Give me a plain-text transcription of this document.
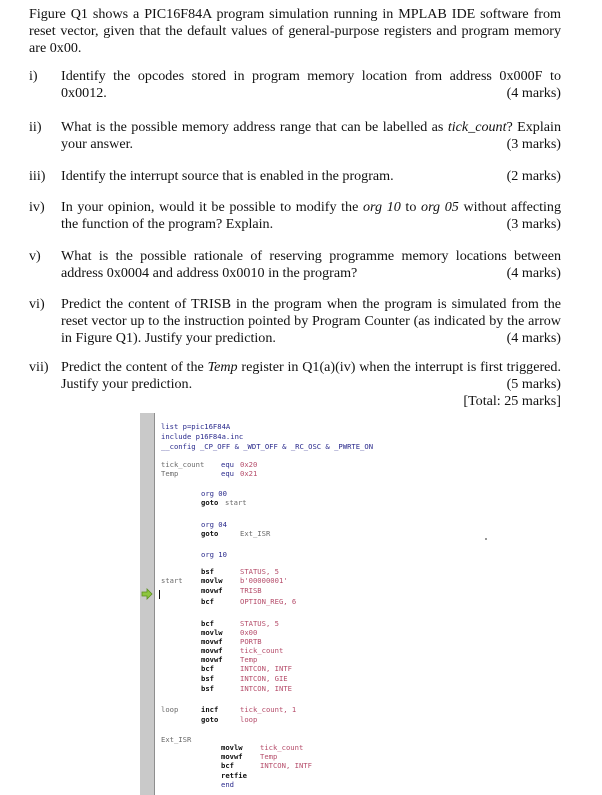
Figure Q1 shows a PIC16F84A program simulation running in MPLAB IDE software from reset vector, given that the default values of general-purpose registers and program memory are 0x00.
i) Identify the opcodes stored in program memory location from address 0x000F to 0x0012.	(4 marks)
ii) What is the possible memory address range that can be labelled as tick_count? Explain your answer.	(3 marks)
iii) Identify the interrupt source that is enabled in the program.	(2 marks)
iv) In your opinion, would it be possible to modify the org 10 to org 05 without affecting the function of the program? Explain.	(3 marks)
v) What is the possible rationale of reserving programme memory locations between address 0x0004 and address 0x0010 in the program?	(4 marks)
vi) Predict the content of TRISB in the program when the program is simulated from the reset vector up to the instruction pointed by Program Counter (as indicated by the arrow in Figure Q1). Justify your prediction.	(4 marks)
vii) Predict the content of the Temp register in Q1(a)(iv) when the interrupt is first triggered. Justify your prediction.	(5 marks)
[Total: 25 marks]
list p=pic16F84A
include p16F84a.inc
__config _CP_OFF & _WDT_OFF & _RC_OSC & _PWRTE_ON
tick_count equ 0x20
Temp	equ 0x21
org 00
goto start
org 04
goto	Ext_ISR
org 10
bsf	STATUS, 5
start	movlw b'00000001'
movwf TRISB
bcf	OPTION_REG, 6
bcf	STATUS, 5
movlw 0x00
movwf PORTB
movwf tick_count
movwf Temp
bcf	INTCON, INTF
bsf	INTCON, GIE
bsf	INTCON, INTE
loop	incf	tick_count, 1
goto	loop
Ext_ISR
movlw tick_count
movwf Temp
bcf	INTCON, INTF
retfie
end
